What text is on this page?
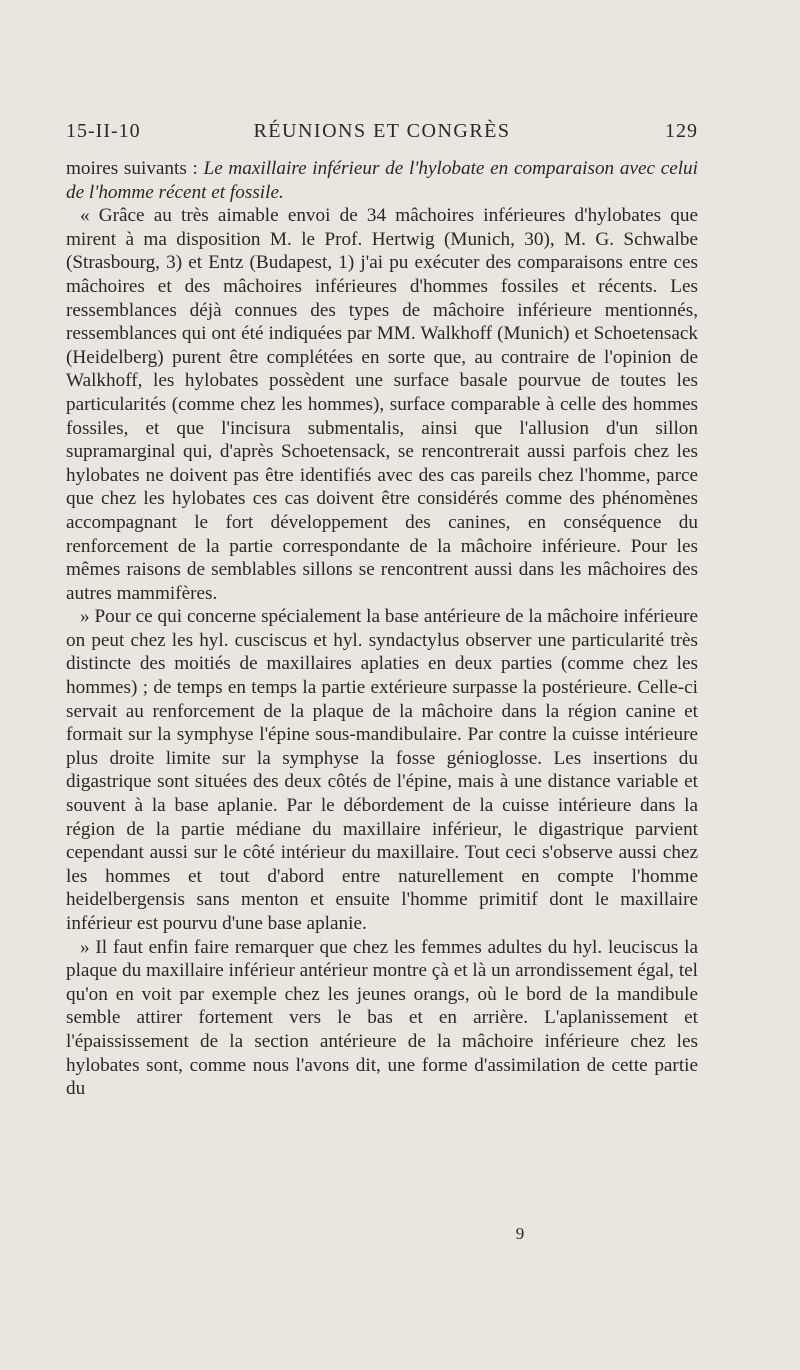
15-II-10	RÉUNIONS ET CONGRÈS	129

moires suivants : Le maxillaire inférieur de l'hylobate en comparaison avec celui de l'homme récent et fossile.

« Grâce au très aimable envoi de 34 mâchoires inférieures d'hylobates que mirent à ma disposition M. le Prof. Hertwig (Munich, 30), M. G. Schwalbe (Strasbourg, 3) et Entz (Budapest, 1) j'ai pu exécuter des comparaisons entre ces mâchoires et des mâchoires inférieures d'hommes fossiles et récents. Les ressemblances déjà connues des types de mâchoire inférieure mentionnés, ressemblances qui ont été indiquées par MM. Walkhoff (Munich) et Schoetensack (Heidelberg) purent être complétées en sorte que, au contraire de l'opinion de Walkhoff, les hylobates possèdent une surface basale pourvue de toutes les particularités (comme chez les hommes), surface comparable à celle des hommes fossiles, et que l'incisura submentalis, ainsi que l'allusion d'un sillon supramarginal qui, d'après Schoetensack, se rencontrerait aussi parfois chez les hylobates ne doivent pas être identifiés avec des cas pareils chez l'homme, parce que chez les hylobates ces cas doivent être considérés comme des phénomènes accompagnant le fort développement des canines, en conséquence du renforcement de la partie correspondante de la mâchoire inférieure. Pour les mêmes raisons de semblables sillons se rencontrent aussi dans les mâchoires des autres mammifères.

» Pour ce qui concerne spécialement la base antérieure de la mâchoire inférieure on peut chez les hyl. cusciscus et hyl. syndactylus observer une particularité très distincte des moitiés de maxillaires aplaties en deux parties (comme chez les hommes) ; de temps en temps la partie extérieure surpasse la postérieure. Celle-ci servait au renforcement de la plaque de la mâchoire dans la région canine et formait sur la symphyse l'épine sous-mandibulaire. Par contre la cuisse intérieure plus droite limite sur la symphyse la fosse génioglosse. Les insertions du digastrique sont situées des deux côtés de l'épine, mais à une distance variable et souvent à la base aplanie. Par le débordement de la cuisse intérieure dans la région de la partie médiane du maxillaire inférieur, le digastrique parvient cependant aussi sur le côté intérieur du maxillaire. Tout ceci s'observe aussi chez les hommes et tout d'abord entre naturellement en compte l'homme heidelbergensis sans menton et ensuite l'homme primitif dont le maxillaire inférieur est pourvu d'une base aplanie.

» Il faut enfin faire remarquer que chez les femmes adultes du hyl. leuciscus la plaque du maxillaire inférieur antérieur montre çà et là un arrondissement égal, tel qu'on en voit par exemple chez les jeunes orangs, où le bord de la mandibule semble attirer fortement vers le bas et en arrière. L'aplanissement et l'épaississement de la section antérieure de la mâchoire inférieure chez les hylobates sont, comme nous l'avons dit, une forme d'assimilation de cette partie du

9
